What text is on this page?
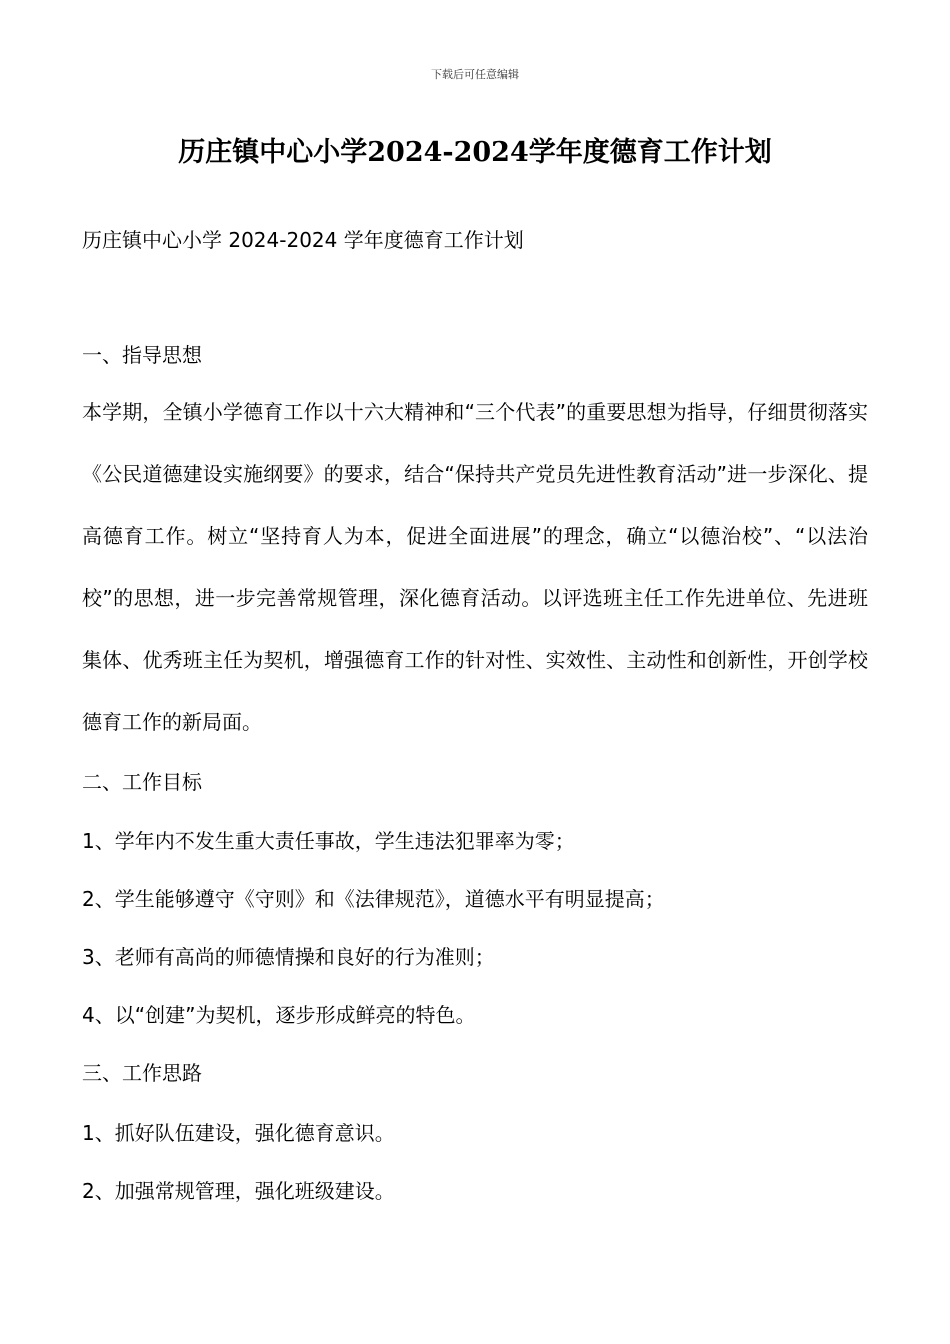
下载后可任意编辑
历庄镇中心小学2024-2024学年度德育工作计划
历庄镇中心小学 2024-2024 学年度德育工作计划
一、指导思想
本学期，全镇小学德育工作以十六大精神和“三个代表”的重要思想为指导，仔细贯彻落实《公民道德建设实施纲要》的要求，结合“保持共产党员先进性教育活动”进一步深化、提高德育工作。树立“坚持育人为本，促进全面进展”的理念，确立“以德治校”、“以法治校”的思想，进一步完善常规管理，深化德育活动。以评选班主任工作先进单位、先进班集体、优秀班主任为契机，增强德育工作的针对性、实效性、主动性和创新性，开创学校德育工作的新局面。
二、工作目标
1、学年内不发生重大责任事故，学生违法犯罪率为零；
2、学生能够遵守《守则》和《法律规范》，道德水平有明显提高；
3、老师有高尚的师德情操和良好的行为准则；
4、以“创建”为契机，逐步形成鲜亮的特色。
三、工作思路
1、抓好队伍建设，强化德育意识。
2、加强常规管理，强化班级建设。
